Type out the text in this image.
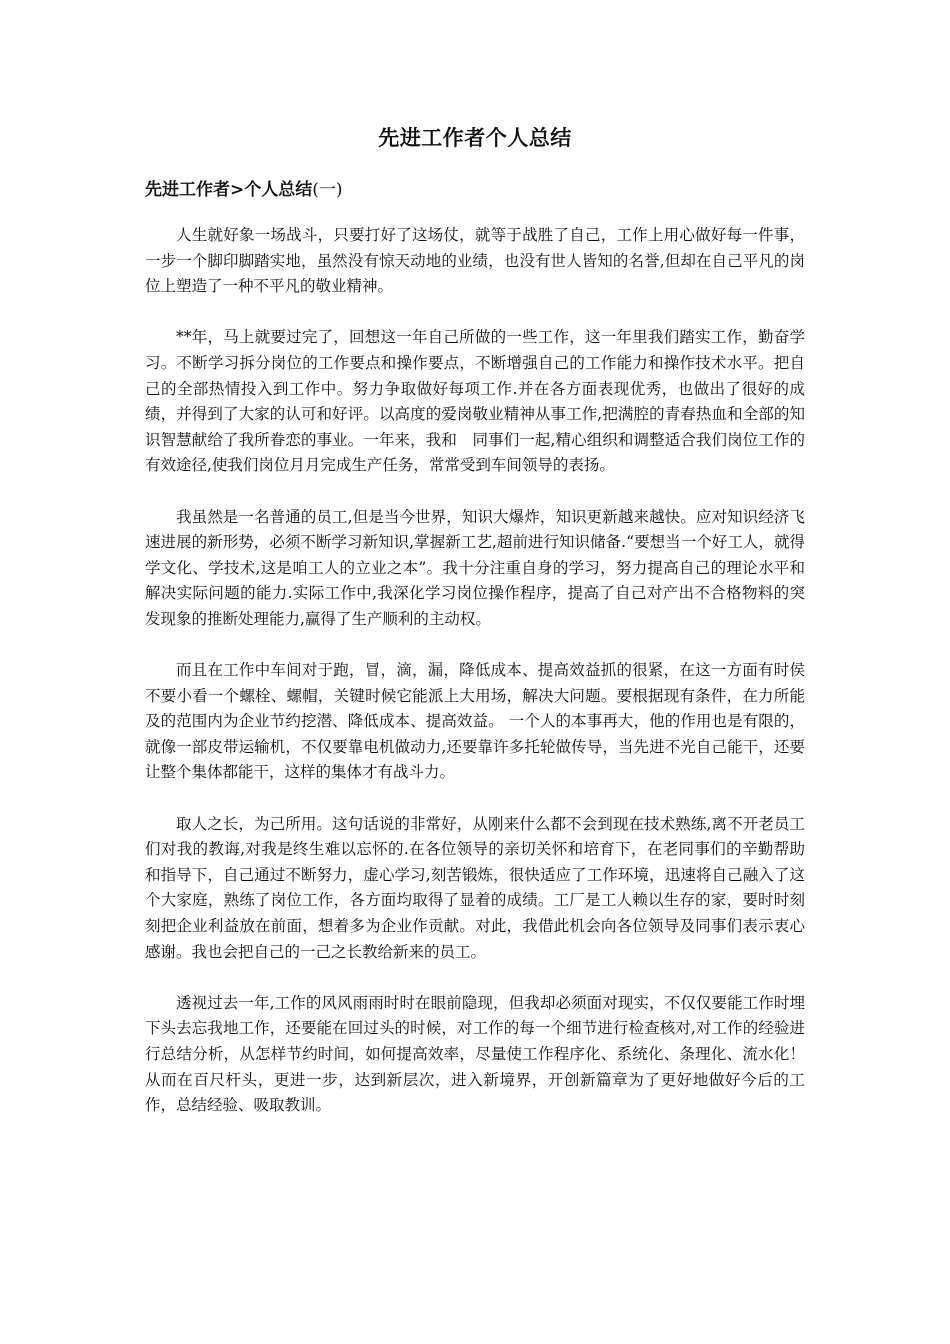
先进工作者个人总结
先进工作者>个人总结(一)

人生就好象一场战斗，只要打好了这场仗，就等于战胜了自己，工作上用心做好每一件事，一步一个脚印脚踏实地，虽然没有惊天动地的业绩，也没有世人皆知的名誉,但却在自己平凡的岗位上塑造了一种不平凡的敬业精神。

**年，马上就要过完了，回想这一年自己所做的一些工作，这一年里我们踏实工作，勤奋学习。不断学习拆分岗位的工作要点和操作要点，不断增强自己的工作能力和操作技术水平。把自己的全部热情投入到工作中。努力争取做好每项工作.并在各方面表现优秀，也做出了很好的成绩，并得到了大家的认可和好评。以高度的爱岗敬业精神从事工作,把满腔的青春热血和全部的知识智慧献给了我所眷恋的事业。一年来，我和　同事们一起,精心组织和调整适合我们岗位工作的有效途径,使我们岗位月月完成生产任务，常常受到车间领导的表扬。

我虽然是一名普通的员工,但是当今世界，知识大爆炸，知识更新越来越快。应对知识经济飞速进展的新形势，必须不断学习新知识,掌握新工艺,超前进行知识储备.“要想当一个好工人，就得学文化、学技术,这是咱工人的立业之本”。我十分注重自身的学习，努力提高自己的理论水平和解决实际问题的能力.实际工作中,我深化学习岗位操作程序，提高了自己对产出不合格物料的突发现象的推断处理能力,赢得了生产顺利的主动权。

而且在工作中车间对于跑，冒，滴，漏，降低成本、提高效益抓的很紧，在这一方面有时侯不要小看一个螺栓、螺帽，关键时候它能派上大用场，解决大问题。要根据现有条件，在力所能及的范围内为企业节约挖潜、降低成本、提高效益。 一个人的本事再大，他的作用也是有限的，就像一部皮带运输机，不仅要靠电机做动力,还要靠许多托轮做传导，当先进不光自己能干，还要让整个集体都能干，这样的集体才有战斗力。

取人之长，为己所用。这句话说的非常好，从刚来什么都不会到现在技术熟练,离不开老员工们对我的教诲,对我是终生难以忘怀的.在各位领导的亲切关怀和培育下，在老同事们的辛勤帮助和指导下，自己通过不断努力，虚心学习,刻苦锻炼，很快适应了工作环境，迅速将自己融入了这个大家庭，熟练了岗位工作，各方面均取得了显着的成绩。工厂是工人赖以生存的家，要时时刻刻把企业利益放在前面，想着多为企业作贡献。对此，我借此机会向各位领导及同事们表示衷心感谢。我也会把自己的一己之长教给新来的员工。

透视过去一年,工作的风风雨雨时时在眼前隐现，但我却必须面对现实，不仅仅要能工作时埋下头去忘我地工作，还要能在回过头的时候，对工作的每一个细节进行检查核对,对工作的经验进行总结分析，从怎样节约时间，如何提高效率，尽量使工作程序化、系统化、条理化、流水化！从而在百尺杆头，更进一步，达到新层次，进入新境界，开创新篇章为了更好地做好今后的工作，总结经验、吸取教训。
